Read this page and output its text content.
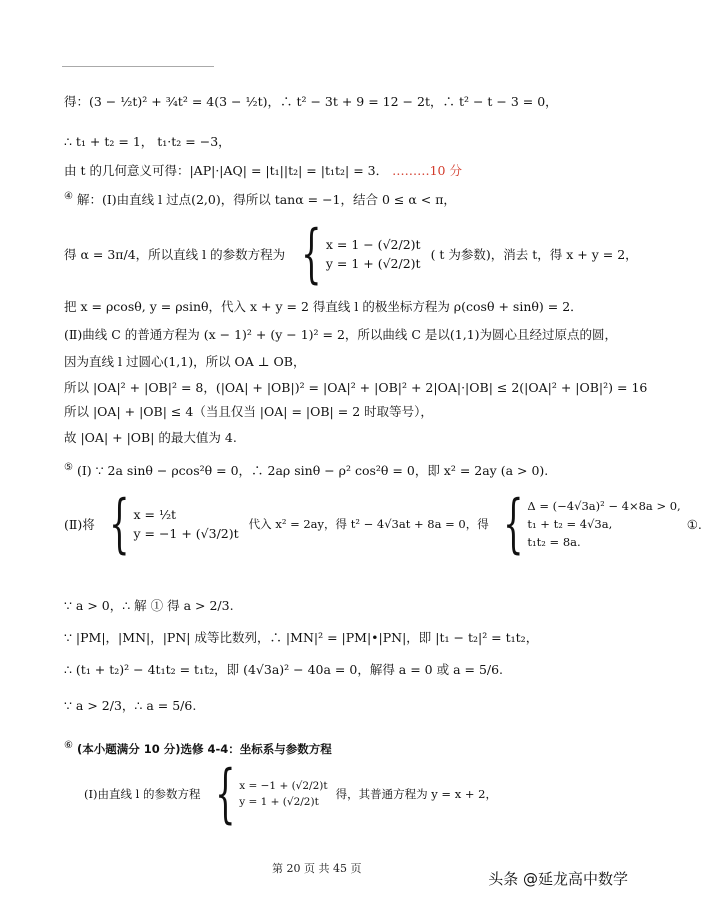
得：(3 − ½t)² + ¾t² = 4(3 − ½t)，∴ t² − 3t + 9 = 12 − 2t，∴ t² − t − 3 = 0，
∴ t₁ + t₂ = 1， t₁·t₂ = −3，
由 t 的几何意义可得：|AP|·|AQ| = |t₁||t₂| = |t₁t₂| = 3． ………10 分
④ 解：(Ⅰ)由直线 l 过点(2,0)，得所以 tanα = −1，结合 0 ≤ α < π，
得 α = 3π/4，所以直线 l 的参数方程为 { x = 1 − (√2/2)t
y = 1 + (√2/2)t
( t 为参数)，消去 t，得 x + y = 2，
把 x = ρcosθ, y = ρsinθ，代入 x + y = 2 得直线 l 的极坐标方程为 ρ(cosθ + sinθ) = 2．
(Ⅱ)曲线 C 的普通方程为 (x − 1)² + (y − 1)² = 2，所以曲线 C 是以(1,1)为圆心且经过原点的圆，
因为直线 l 过圆心(1,1)，所以 OA ⊥ OB，
所以 |OA|² + |OB|² = 8，(|OA| + |OB|)² = |OA|² + |OB|² + 2|OA|·|OB| ≤ 2(|OA|² + |OB|²) = 16
所以 |OA| + |OB| ≤ 4（当且仅当 |OA| = |OB| = 2 时取等号），
故 |OA| + |OB| 的最大值为 4.
⑤ (Ⅰ) ∵ 2a sinθ − ρcos²θ = 0，∴ 2aρ sinθ − ρ² cos²θ = 0，即 x² = 2ay (a > 0).
(Ⅱ)将 { x = ½t
y = −1 + (√3/2)t
代入 x² = 2ay，得 t² − 4√3at + 8a = 0，得 { Δ = (−4√3a)² − 4×8a > 0,
t₁ + t₂ = 4√3a,
t₁t₂ = 8a.
①.
∵ a > 0，∴ 解 ① 得 a > 2/3.
∵ |PM|，|MN|，|PN| 成等比数列，∴ |MN|² = |PM|•|PN|，即 |t₁ − t₂|² = t₁t₂，
∴ (t₁ + t₂)² − 4t₁t₂ = t₁t₂，即 (4√3a)² − 40a = 0，解得 a = 0 或 a = 5/6.
∵ a > 2/3，∴ a = 5/6.
⑥ (本小题满分 10 分)选修 4-4：坐标系与参数方程
(Ⅰ)由直线 l 的参数方程 { x = −1 + (√2/2)t
y = 1 + (√2/2)t
得，其普通方程为 y = x + 2，
第 20 页 共 45 页
头条 @延龙高中数学
